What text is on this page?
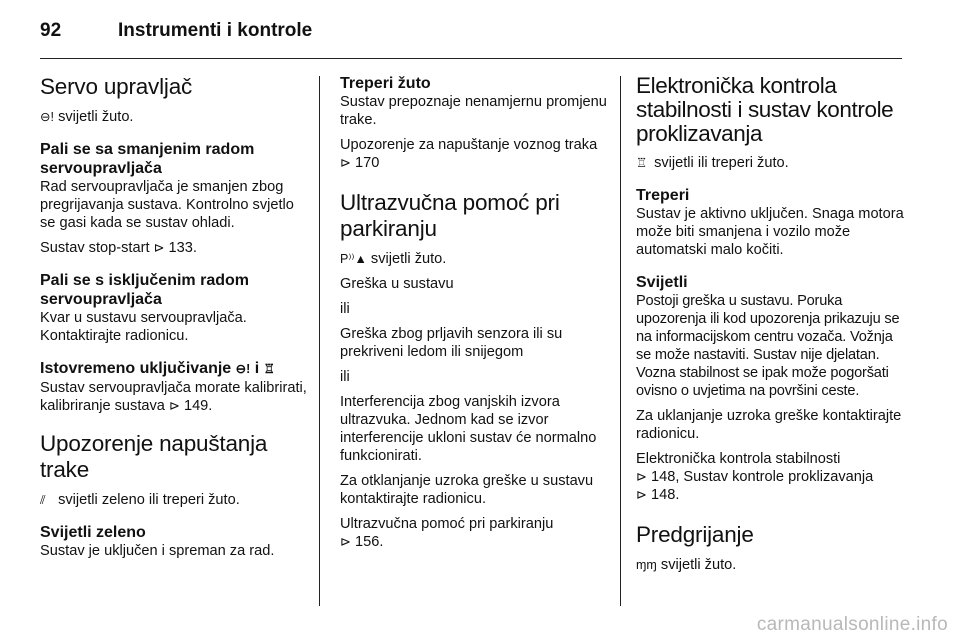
92	Instrumenti i kontrole
Servo upravljač

⊖! svijetli žuto.

Pali se sa smanjenim radom servoupravljača

Rad servoupravljača je smanjen zbog pregrijavanja sustava. Kontrolno svjetlo se gasi kada se sustav ohladi.

Sustav stop-start ⊳ 133.

Pali se s isključenim radom servoupravljača

Kvar u sustavu servoupravljača. Kontaktirajte radionicu.

Istovremeno uključivanje ⊖! i ♖

Sustav servoupravljača morate kalibrirati, kalibriranje sustava ⊳ 149.

Upozorenje napuštanja trake

⫽ svijetli zeleno ili treperi žuto.

Svijetli zeleno

Sustav je uključen i spreman za rad.

Treperi žuto

Sustav prepoznaje nenamjernu promjenu trake.

Upozorenje za napuštanje voznog traka ⊳ 170

Ultrazvučna pomoć pri parkiranju

P⁾⁾▲ svijetli žuto.

Greška u sustavu

ili

Greška zbog prljavih senzora ili su prekriveni ledom ili snijegom

ili

Interferencija zbog vanjskih izvora ultrazvuka. Jednom kad se izvor interferencije ukloni sustav će normalno funkcionirati.

Za otklanjanje uzroka greške u sustavu kontaktirajte radionicu.

Ultrazvučna pomoć pri parkiranju
⊳ 156.

Elektronička kontrola stabilnosti i sustav kontrole proklizavanja

♖ svijetli ili treperi žuto.

Treperi

Sustav je aktivno uključen. Snaga motora može biti smanjena i vozilo može automatski malo kočiti.

Svijetli

Postoji greška u sustavu. Poruka upozorenja ili kod upozorenja prikazuju se na informacijskom centru vozača. Vožnja se može nastaviti. Sustav nije djelatan. Vozna stabilnost se ipak može pogoršati ovisno o uvjetima na površini ceste.

Za uklanjanje uzroka greške kontaktirajte radionicu.

Elektronička kontrola stabilnosti
⊳ 148, Sustav kontrole proklizavanja
⊳ 148.

Predgrijanje

ɱɱ svijetli žuto.

carmanualsonline.info
